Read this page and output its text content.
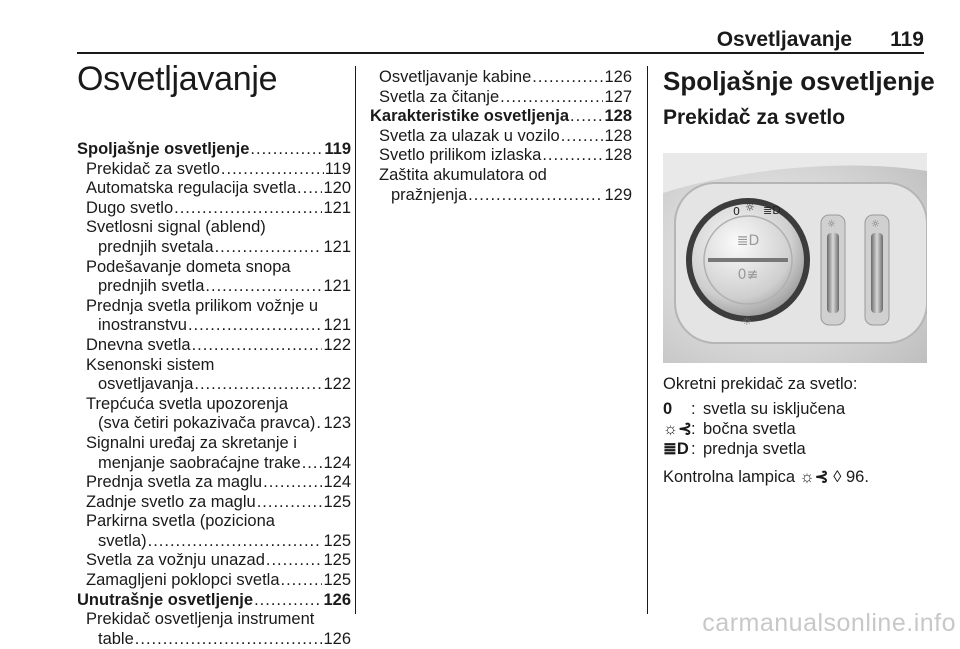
Osvetljavanje 119
Osvetljavanje
Spoljašnje osvetljenje .....	119
Prekidač za svetlo .....	119
Automatska regulacija svetla ..... 120
Dugo svetlo .....	121
Svetlosni signal (ablend)
prednjih svetala .....	121
Podešavanje dometa snopa
prednjih svetla .....	121
Prednja svetla prilikom vožnje u
inostranstvu .....	121
Dnevna svetla .....	122
Ksenonski sistem
osvetljavanja .....	122
Trepćuća svetla upozorenja
(sva četiri pokazivača pravca) ..... 123
Signalni uređaj za skretanje i
menjanje saobraćajne trake ..... 124
Prednja svetla za maglu .....	124
Zadnje svetlo za maglu .....	125
Parkirna svetla (poziciona
svetla) .....	125
Svetla za vožnju unazad .....	125
Zamagljeni poklopci svetla .....	125
Unutrašnje osvetljenje .....	126
Prekidač osvetljenja instrument
table .....	126
Osvetljavanje kabine .....	126
Svetla za čitanje .....	127
Karakteristike osvetljenja ..... 128
Svetla za ulazak u vozilo .....	128
Svetlo prilikom izlaska .....	128
Zaštita akumulatora od
pražnjenja .....	129
Spoljašnje osvetljenje
Prekidač za svetlo
≣D
0≢
0 ☼ ≣D
☼
☼	☼
Okretni prekidač za svetlo:
0	: svetla su isključena
☼⊰ : bočna svetla
≣D : prednja svetla
Kontrolna lampica ☼⊰ ◊ 96.
carmanualsonline.info
